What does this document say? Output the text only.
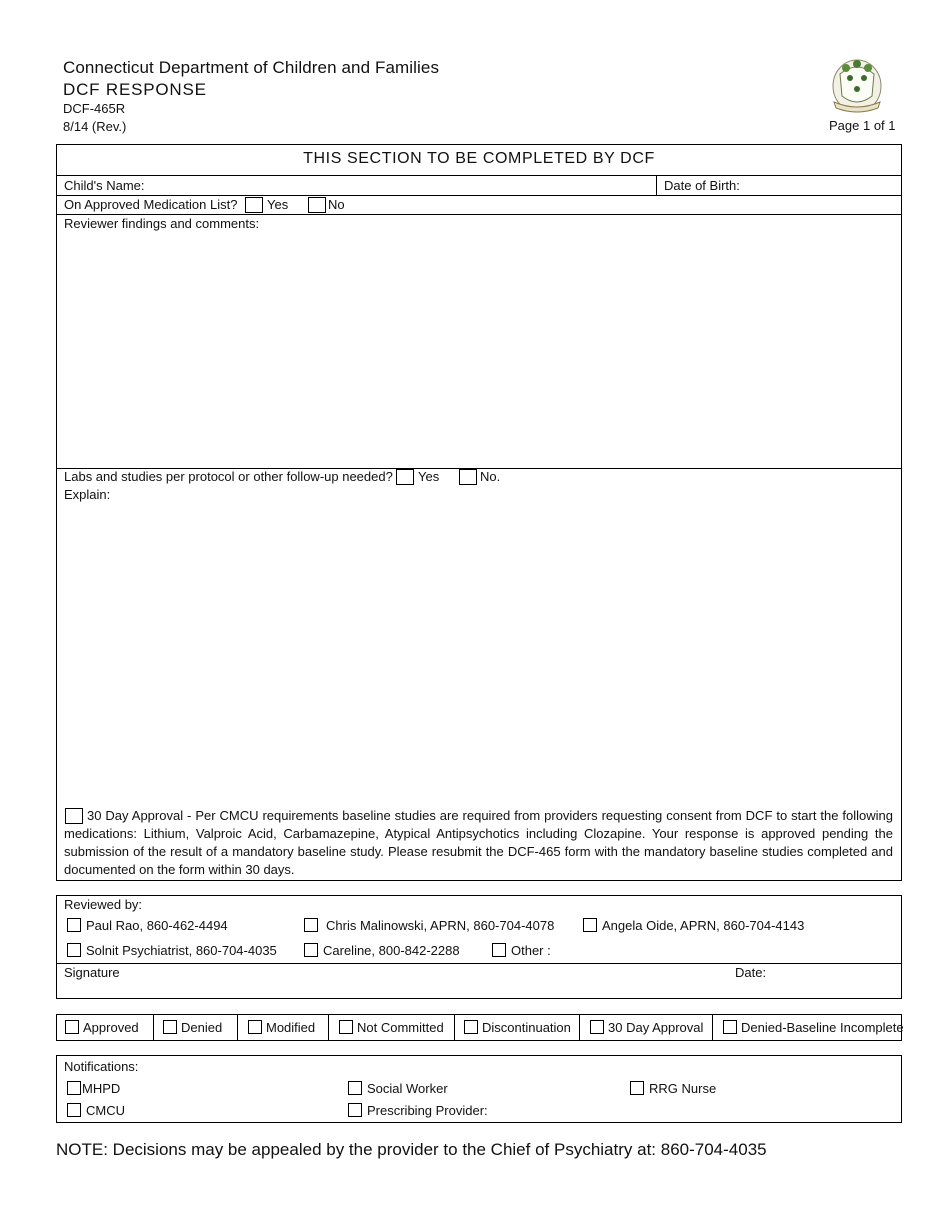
Connecticut Department of Children and Families
DCF RESPONSE
DCF-465R
8/14 (Rev.)	Page 1 of 1
THIS SECTION TO BE COMPLETED BY DCF
Child's Name:	Date of Birth:
On Approved Medication List? Yes	No
Reviewer findings and comments:
Labs and studies per protocol or other follow-up needed? Yes	No.
Explain:
30 Day Approval - Per CMCU requirements baseline studies are required from providers requesting consent from DCF to start the following medications: Lithium, Valproic Acid, Carbamazepine, Atypical Antipsychotics including Clozapine. Your response is approved pending the submission of the result of a mandatory baseline study. Please resubmit the DCF-465 form with the mandatory baseline studies completed and documented on the form within 30 days.
Reviewed by:
Paul Rao, 860-462-4494	Chris Malinowski, APRN, 860-704-4078	Angela Oide, APRN, 860-704-4143
Solnit Psychiatrist, 860-704-4035	Careline, 800-842-2288	Other :
Signature	Date:
Approved	Denied	Modified	Not Committed	Discontinuation	30 Day Approval	Denied-Baseline Incomplete
Notifications:
MHPD	Social Worker	RRG Nurse
CMCU	Prescribing Provider:
NOTE: Decisions may be appealed by the provider to the Chief of Psychiatry at: 860-704-4035
